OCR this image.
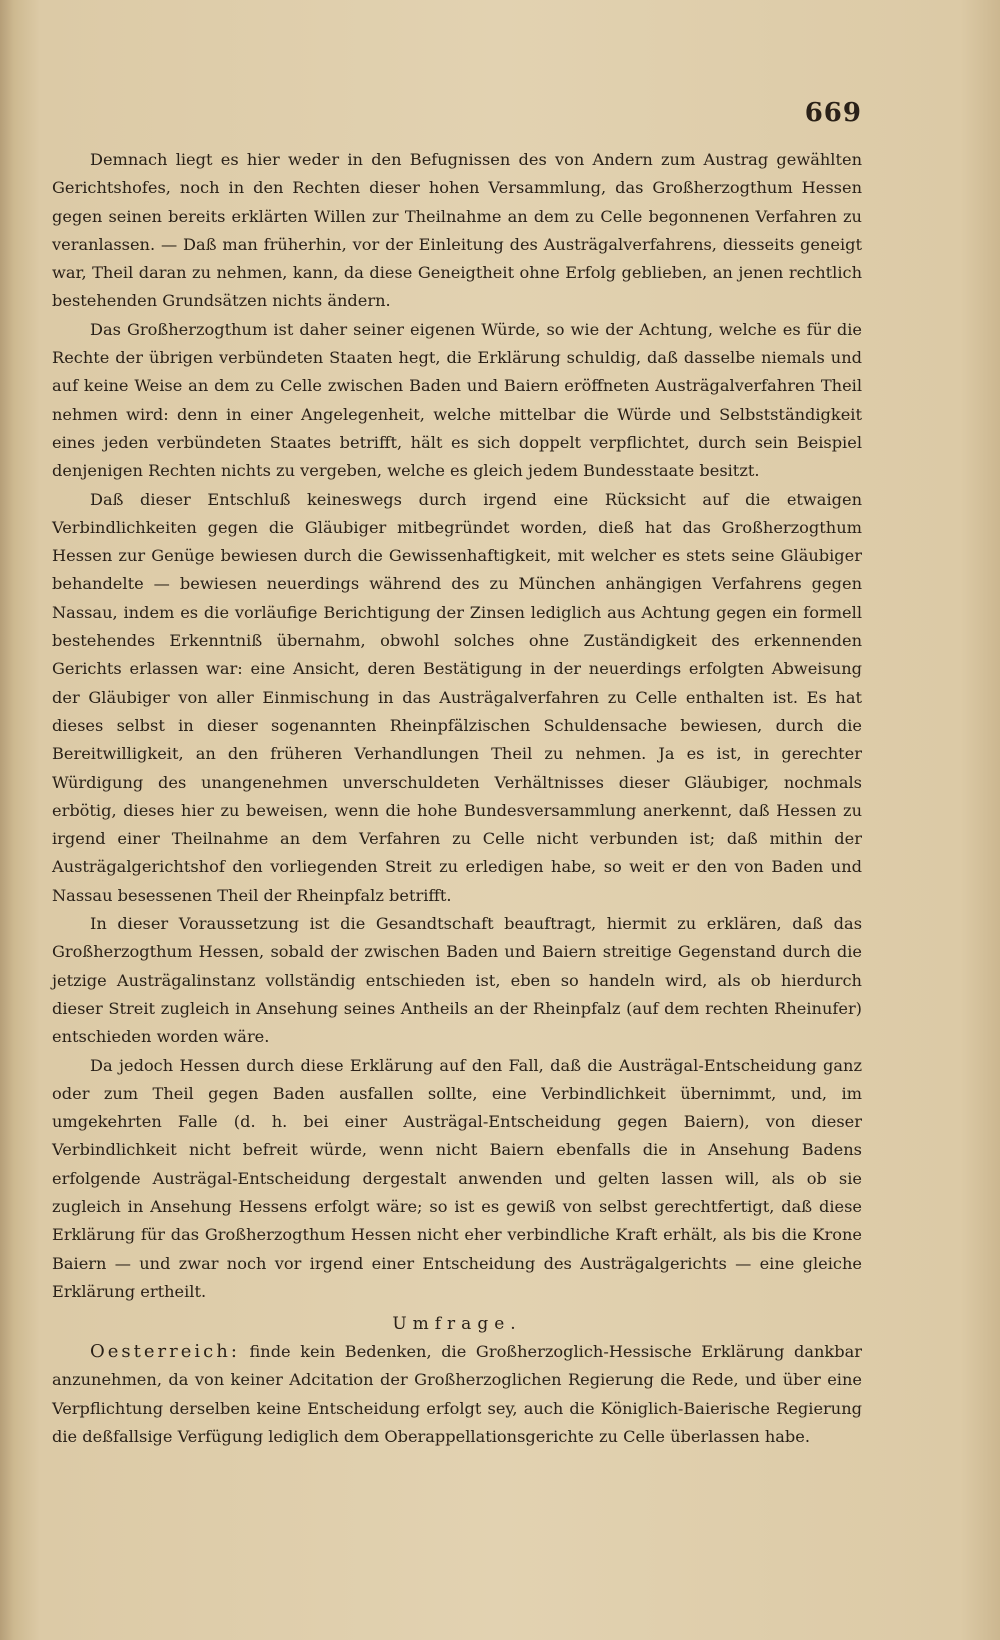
669

Demnach liegt es hier weder in den Befugnissen des von Andern zum Austrag gewählten Gerichtshofes, noch in den Rechten dieser hohen Versammlung, das Großherzogthum Hessen gegen seinen bereits erklärten Willen zur Theilnahme an dem zu Celle begonnenen Verfahren zu veranlassen. — Daß man früherhin, vor der Einleitung des Austrägalverfahrens, diesseits geneigt war, Theil daran zu nehmen, kann, da diese Geneigtheit ohne Erfolg geblieben, an jenen rechtlich bestehenden Grundsätzen nichts ändern.

Das Großherzogthum ist daher seiner eigenen Würde, so wie der Achtung, welche es für die Rechte der übrigen verbündeten Staaten hegt, die Erklärung schuldig, daß dasselbe niemals und auf keine Weise an dem zu Celle zwischen Baden und Baiern eröffneten Austrägalverfahren Theil nehmen wird: denn in einer Angelegenheit, welche mittelbar die Würde und Selbstständigkeit eines jeden verbündeten Staates betrifft, hält es sich doppelt verpflichtet, durch sein Beispiel denjenigen Rechten nichts zu vergeben, welche es gleich jedem Bundesstaate besitzt.

Daß dieser Entschluß keineswegs durch irgend eine Rücksicht auf die etwaigen Verbindlichkeiten gegen die Gläubiger mitbegründet worden, dieß hat das Großherzogthum Hessen zur Genüge bewiesen durch die Gewissenhaftigkeit, mit welcher es stets seine Gläubiger behandelte — bewiesen neuerdings während des zu München anhängigen Verfahrens gegen Nassau, indem es die vorläufige Berichtigung der Zinsen lediglich aus Achtung gegen ein formell bestehendes Erkenntniß übernahm, obwohl solches ohne Zuständigkeit des erkennenden Gerichts erlassen war: eine Ansicht, deren Bestätigung in der neuerdings erfolgten Abweisung der Gläubiger von aller Einmischung in das Austrägalverfahren zu Celle enthalten ist. Es hat dieses selbst in dieser sogenannten Rheinpfälzischen Schuldensache bewiesen, durch die Bereitwilligkeit, an den früheren Verhandlungen Theil zu nehmen. Ja es ist, in gerechter Würdigung des unangenehmen unverschuldeten Verhältnisses dieser Gläubiger, nochmals erbötig, dieses hier zu beweisen, wenn die hohe Bundesversammlung anerkennt, daß Hessen zu irgend einer Theilnahme an dem Verfahren zu Celle nicht verbunden ist; daß mithin der Austrägalgerichtshof den vorliegenden Streit zu erledigen habe, so weit er den von Baden und Nassau besessenen Theil der Rheinpfalz betrifft.

In dieser Voraussetzung ist die Gesandtschaft beauftragt, hiermit zu erklären, daß das Großherzogthum Hessen, sobald der zwischen Baden und Baiern streitige Gegenstand durch die jetzige Austrägalinstanz vollständig entschieden ist, eben so handeln wird, als ob hierdurch dieser Streit zugleich in Ansehung seines Antheils an der Rheinpfalz (auf dem rechten Rheinufer) entschieden worden wäre.

Da jedoch Hessen durch diese Erklärung auf den Fall, daß die Austrägal-Entscheidung ganz oder zum Theil gegen Baden ausfallen sollte, eine Verbindlichkeit übernimmt, und, im umgekehrten Falle (d. h. bei einer Austrägal-Entscheidung gegen Baiern), von dieser Verbindlichkeit nicht befreit würde, wenn nicht Baiern ebenfalls die in Ansehung Badens erfolgende Austrägal-Entscheidung dergestalt anwenden und gelten lassen will, als ob sie zugleich in Ansehung Hessens erfolgt wäre; so ist es gewiß von selbst gerechtfertigt, daß diese Erklärung für das Großherzogthum Hessen nicht eher verbindliche Kraft erhält, als bis die Krone Baiern — und zwar noch vor irgend einer Entscheidung des Austrägalgerichts — eine gleiche Erklärung ertheilt.

Umfrage.

Oesterreich: finde kein Bedenken, die Großherzoglich-Hessische Erklärung dankbar anzunehmen, da von keiner Adcitation der Großherzoglichen Regierung die Rede, und über eine Verpflichtung derselben keine Entscheidung erfolgt sey, auch die Königlich-Baierische Regierung die deßfallsige Verfügung lediglich dem Oberappellationsgerichte zu Celle überlassen habe.
